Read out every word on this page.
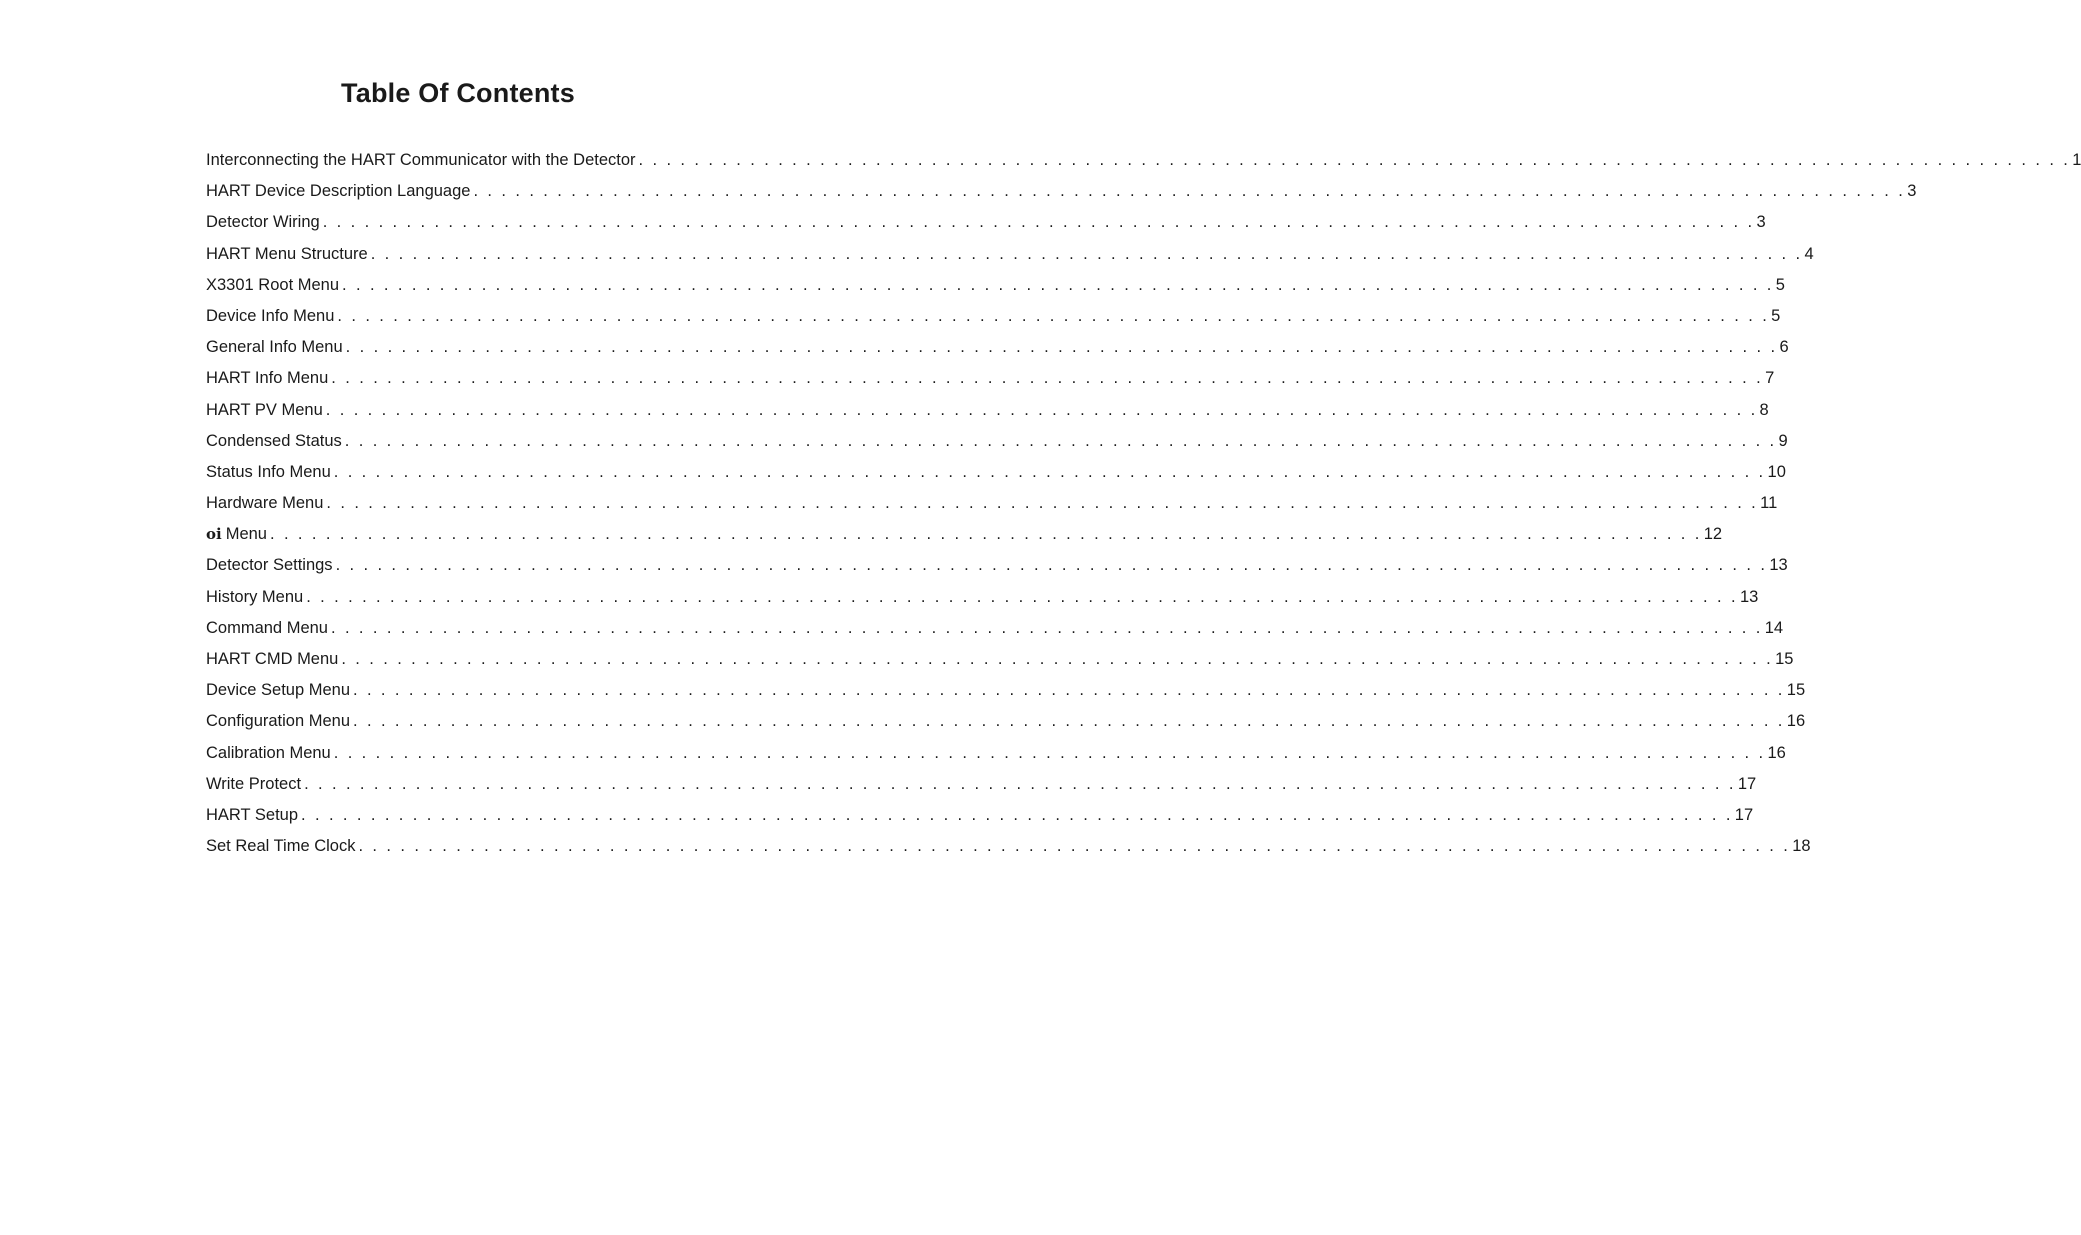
Table Of Contents
Interconnecting the HART Communicator with the Detector . . . . . . . . . . . . . . . . . . . . . . . . . . . . . . . . . . . . . . . . . . . . . . . . . . . . . . . . . . . . . . . . . . . . . . . . . . . . . . . . . . . . . . . . . . . . . . . . . . . . . . . 1
HART Device Description Language . . . . . . . . . . . . . . . . . . . . . . . . . . . . . . . . . . . . . . . . . . . . . . . . . . . . . . . . . . . . . . . . . . . . . . . . . . . . . . . . . . . . . . . . . . . . . . . . . . . . . . . 3
Detector Wiring . . . . . . . . . . . . . . . . . . . . . . . . . . . . . . . . . . . . . . . . . . . . . . . . . . . . . . . . . . . . . . . . . . . . . . . . . . . . . . . . . . . . . . . . . . . . . . . . . . . . . . . 3
HART Menu Structure . . . . . . . . . . . . . . . . . . . . . . . . . . . . . . . . . . . . . . . . . . . . . . . . . . . . . . . . . . . . . . . . . . . . . . . . . . . . . . . . . . . . . . . . . . . . . . . . . . . . . . . 4
X3301 Root Menu . . . . . . . . . . . . . . . . . . . . . . . . . . . . . . . . . . . . . . . . . . . . . . . . . . . . . . . . . . . . . . . . . . . . . . . . . . . . . . . . . . . . . . . . . . . . . . . . . . . . . . . 5
Device Info Menu . . . . . . . . . . . . . . . . . . . . . . . . . . . . . . . . . . . . . . . . . . . . . . . . . . . . . . . . . . . . . . . . . . . . . . . . . . . . . . . . . . . . . . . . . . . . . . . . . . . . . . . 5
General Info Menu . . . . . . . . . . . . . . . . . . . . . . . . . . . . . . . . . . . . . . . . . . . . . . . . . . . . . . . . . . . . . . . . . . . . . . . . . . . . . . . . . . . . . . . . . . . . . . . . . . . . . . . 6
HART Info Menu . . . . . . . . . . . . . . . . . . . . . . . . . . . . . . . . . . . . . . . . . . . . . . . . . . . . . . . . . . . . . . . . . . . . . . . . . . . . . . . . . . . . . . . . . . . . . . . . . . . . . . . 7
HART PV Menu . . . . . . . . . . . . . . . . . . . . . . . . . . . . . . . . . . . . . . . . . . . . . . . . . . . . . . . . . . . . . . . . . . . . . . . . . . . . . . . . . . . . . . . . . . . . . . . . . . . . . . . 8
Condensed Status . . . . . . . . . . . . . . . . . . . . . . . . . . . . . . . . . . . . . . . . . . . . . . . . . . . . . . . . . . . . . . . . . . . . . . . . . . . . . . . . . . . . . . . . . . . . . . . . . . . . . . . 9
Status Info Menu . . . . . . . . . . . . . . . . . . . . . . . . . . . . . . . . . . . . . . . . . . . . . . . . . . . . . . . . . . . . . . . . . . . . . . . . . . . . . . . . . . . . . . . . . . . . . . . . . . . . . . . 10
Hardware Menu . . . . . . . . . . . . . . . . . . . . . . . . . . . . . . . . . . . . . . . . . . . . . . . . . . . . . . . . . . . . . . . . . . . . . . . . . . . . . . . . . . . . . . . . . . . . . . . . . . . . . . . 11
oi Menu . . . . . . . . . . . . . . . . . . . . . . . . . . . . . . . . . . . . . . . . . . . . . . . . . . . . . . . . . . . . . . . . . . . . . . . . . . . . . . . . . . . . . . . . . . . . . . . . . . . . . . . 12
Detector Settings . . . . . . . . . . . . . . . . . . . . . . . . . . . . . . . . . . . . . . . . . . . . . . . . . . . . . . . . . . . . . . . . . . . . . . . . . . . . . . . . . . . . . . . . . . . . . . . . . . . . . . . 13
History Menu . . . . . . . . . . . . . . . . . . . . . . . . . . . . . . . . . . . . . . . . . . . . . . . . . . . . . . . . . . . . . . . . . . . . . . . . . . . . . . . . . . . . . . . . . . . . . . . . . . . . . . . 13
Command Menu . . . . . . . . . . . . . . . . . . . . . . . . . . . . . . . . . . . . . . . . . . . . . . . . . . . . . . . . . . . . . . . . . . . . . . . . . . . . . . . . . . . . . . . . . . . . . . . . . . . . . . . 14
HART CMD Menu . . . . . . . . . . . . . . . . . . . . . . . . . . . . . . . . . . . . . . . . . . . . . . . . . . . . . . . . . . . . . . . . . . . . . . . . . . . . . . . . . . . . . . . . . . . . . . . . . . . . . . . 15
Device Setup Menu . . . . . . . . . . . . . . . . . . . . . . . . . . . . . . . . . . . . . . . . . . . . . . . . . . . . . . . . . . . . . . . . . . . . . . . . . . . . . . . . . . . . . . . . . . . . . . . . . . . . . . . 15
Configuration Menu . . . . . . . . . . . . . . . . . . . . . . . . . . . . . . . . . . . . . . . . . . . . . . . . . . . . . . . . . . . . . . . . . . . . . . . . . . . . . . . . . . . . . . . . . . . . . . . . . . . . . . . 16
Calibration Menu . . . . . . . . . . . . . . . . . . . . . . . . . . . . . . . . . . . . . . . . . . . . . . . . . . . . . . . . . . . . . . . . . . . . . . . . . . . . . . . . . . . . . . . . . . . . . . . . . . . . . . . 16
Write Protect . . . . . . . . . . . . . . . . . . . . . . . . . . . . . . . . . . . . . . . . . . . . . . . . . . . . . . . . . . . . . . . . . . . . . . . . . . . . . . . . . . . . . . . . . . . . . . . . . . . . . . . 17
HART Setup . . . . . . . . . . . . . . . . . . . . . . . . . . . . . . . . . . . . . . . . . . . . . . . . . . . . . . . . . . . . . . . . . . . . . . . . . . . . . . . . . . . . . . . . . . . . . . . . . . . . . . . 17
Set Real Time Clock . . . . . . . . . . . . . . . . . . . . . . . . . . . . . . . . . . . . . . . . . . . . . . . . . . . . . . . . . . . . . . . . . . . . . . . . . . . . . . . . . . . . . . . . . . . . . . . . . . . . . . . 18
